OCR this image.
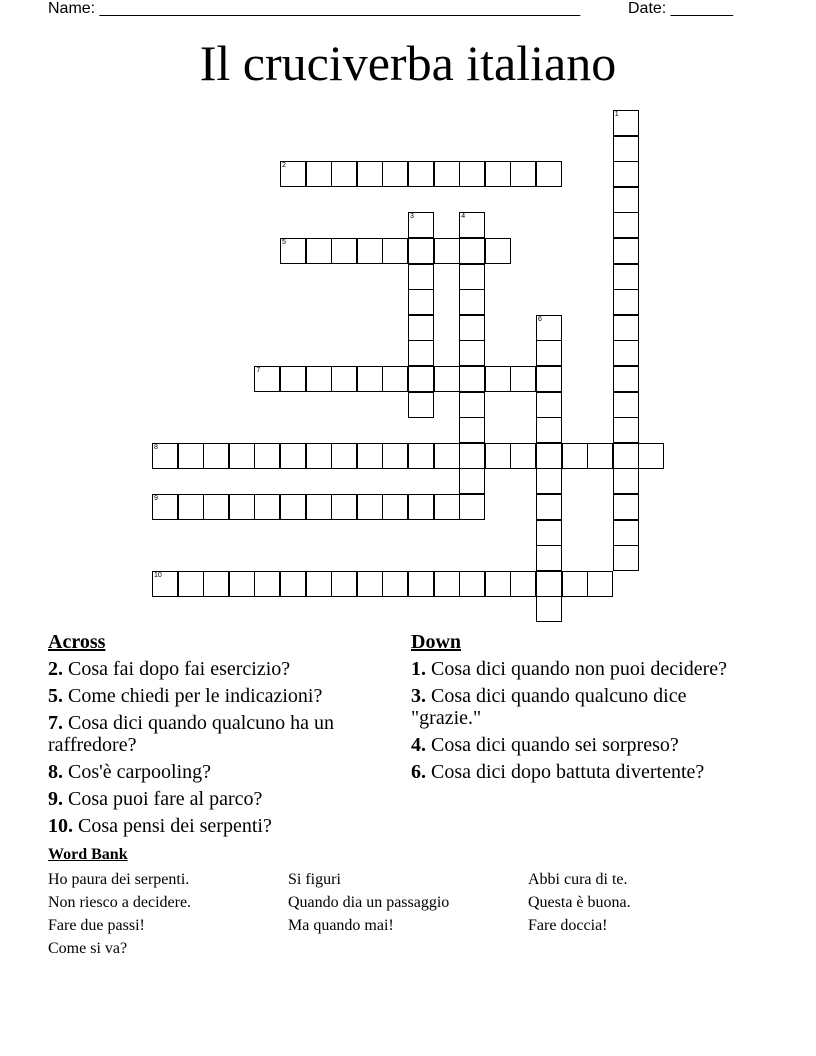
Name: ______________________________________________________	Date: _______
Il cruciverba italiano
1
2
3	4
5
6
7
8
9
10
Across
2. Cosa fai dopo fai esercizio?
5. Come chiedi per le indicazioni?
7. Cosa dici quando qualcuno ha un raffredore?
8. Cos'è carpooling?
9. Cosa puoi fare al parco?
10. Cosa pensi dei serpenti?
Down
1. Cosa dici quando non puoi decidere?
3. Cosa dici quando qualcuno dice "grazie."
4. Cosa dici quando sei sorpreso?
6. Cosa dici dopo battuta divertente?
Word Bank
Ho paura dei serpenti.	Si figuri	Abbi cura di te.
Non riesco a decidere.	Quando dia un passaggio	Questa è buona.
Fare due passi!	Ma quando mai!	Fare doccia!
Come si va?
